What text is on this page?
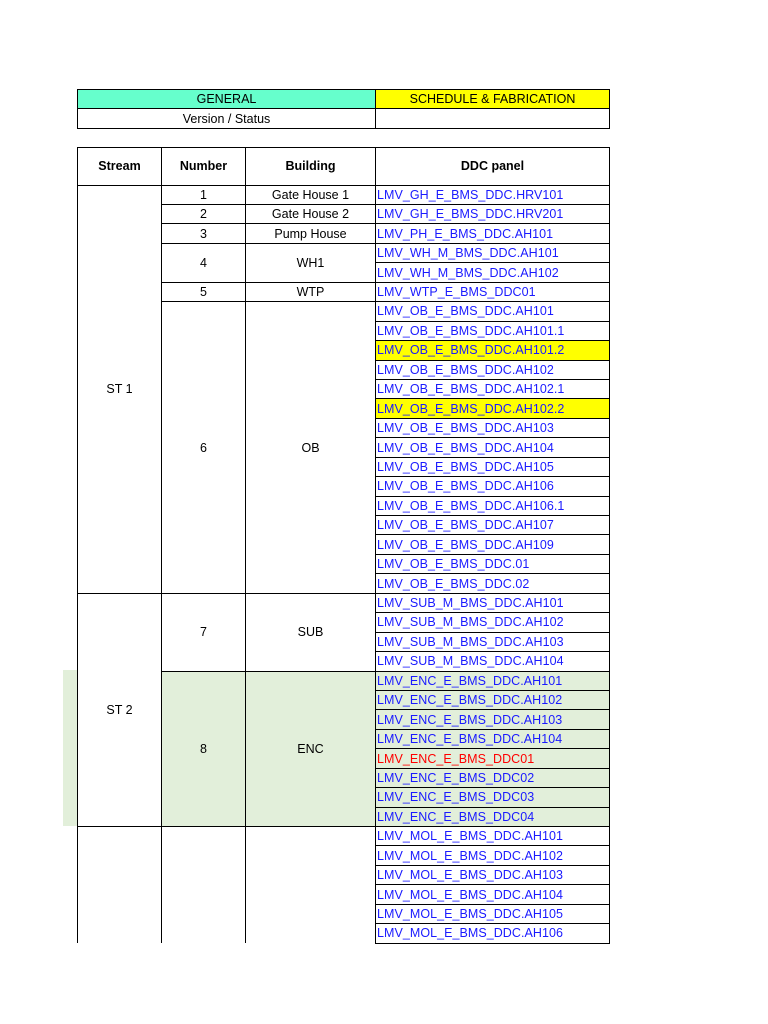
GENERAL	SCHEDULE & FABRICATION
Version / Status	
Stream	Number	Building	DDC panel
ST 1	1	Gate House 1	LMV_GH_E_BMS_DDC.HRV101
	2	Gate House 2	LMV_GH_E_BMS_DDC.HRV201
	3	Pump House	LMV_PH_E_BMS_DDC.AH101
	4	WH1	LMV_WH_M_BMS_DDC.AH101
			LMV_WH_M_BMS_DDC.AH102
	5	WTP	LMV_WTP_E_BMS_DDC01
	6	OB	LMV_OB_E_BMS_DDC.AH101
			LMV_OB_E_BMS_DDC.AH101.1
			LMV_OB_E_BMS_DDC.AH101.2
			LMV_OB_E_BMS_DDC.AH102
			LMV_OB_E_BMS_DDC.AH102.1
			LMV_OB_E_BMS_DDC.AH102.2
			LMV_OB_E_BMS_DDC.AH103
			LMV_OB_E_BMS_DDC.AH104
			LMV_OB_E_BMS_DDC.AH105
			LMV_OB_E_BMS_DDC.AH106
			LMV_OB_E_BMS_DDC.AH106.1
			LMV_OB_E_BMS_DDC.AH107
			LMV_OB_E_BMS_DDC.AH109
			LMV_OB_E_BMS_DDC.01
			LMV_OB_E_BMS_DDC.02
ST 2	7	SUB	LMV_SUB_M_BMS_DDC.AH101
			LMV_SUB_M_BMS_DDC.AH102
			LMV_SUB_M_BMS_DDC.AH103
			LMV_SUB_M_BMS_DDC.AH104
	8	ENC	LMV_ENC_E_BMS_DDC.AH101
			LMV_ENC_E_BMS_DDC.AH102
			LMV_ENC_E_BMS_DDC.AH103
			LMV_ENC_E_BMS_DDC.AH104
			LMV_ENC_E_BMS_DDC01
			LMV_ENC_E_BMS_DDC02
			LMV_ENC_E_BMS_DDC03
			LMV_ENC_E_BMS_DDC04
			LMV_MOL_E_BMS_DDC.AH101
			LMV_MOL_E_BMS_DDC.AH102
			LMV_MOL_E_BMS_DDC.AH103
			LMV_MOL_E_BMS_DDC.AH104
			LMV_MOL_E_BMS_DDC.AH105
			LMV_MOL_E_BMS_DDC.AH106
